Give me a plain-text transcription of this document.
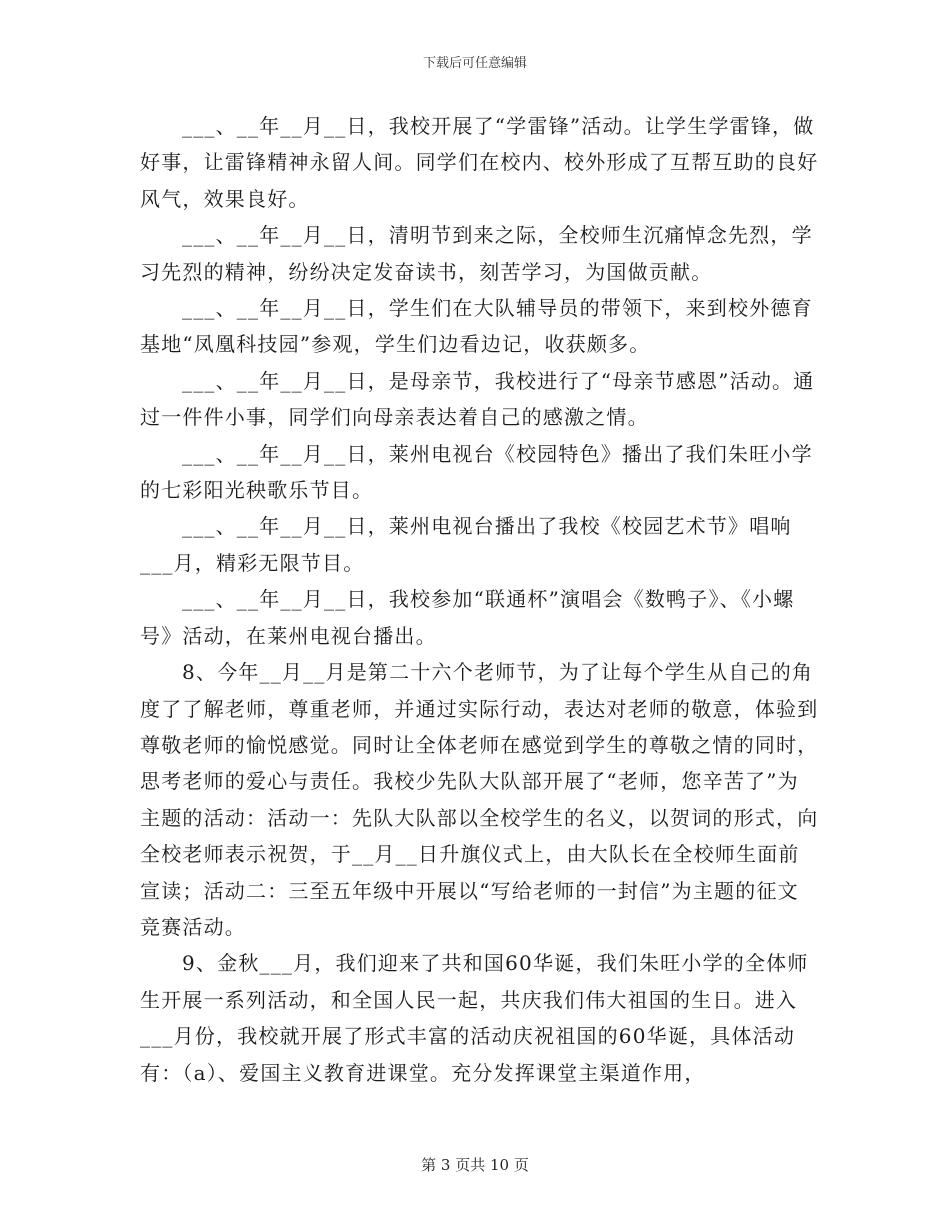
下载后可任意编辑

___、__年__月__日，我校开展了“学雷锋”活动。让学生学雷锋，做好事，让雷锋精神永留人间。同学们在校内、校外形成了互帮互助的良好风气，效果良好。

___、__年__月__日，清明节到来之际，全校师生沉痛悼念先烈，学习先烈的精神，纷纷决定发奋读书，刻苦学习，为国做贡献。

___、__年__月__日，学生们在大队辅导员的带领下，来到校外德育基地“凤凰科技园”参观，学生们边看边记，收获颇多。

___、__年__月__日，是母亲节，我校进行了“母亲节感恩”活动。通过一件件小事，同学们向母亲表达着自己的感激之情。

___、__年__月__日，莱州电视台《校园特色》播出了我们朱旺小学的七彩阳光秧歌乐节目。

___、__年__月__日，莱州电视台播出了我校《校园艺术节》唱响___月，精彩无限节目。

___、__年__月__日，我校参加“联通杯”演唱会《数鸭子》、《小螺号》活动，在莱州电视台播出。

8、今年__月__月是第二十六个老师节，为了让每个学生从自己的角度了了解老师，尊重老师，并通过实际行动，表达对老师的敬意，体验到尊敬老师的愉悦感觉。同时让全体老师在感觉到学生的尊敬之情的同时，思考老师的爱心与责任。我校少先队大队部开展了“老师，您辛苦了”为主题的活动：活动一：先队大队部以全校学生的名义，以贺词的形式，向全校老师表示祝贺，于__月__日升旗仪式上，由大队长在全校师生面前宣读；活动二：三至五年级中开展以“写给老师的一封信”为主题的征文竞赛活动。

9、金秋___月，我们迎来了共和国60华诞，我们朱旺小学的全体师生开展一系列活动，和全国人民一起，共庆我们伟大祖国的生日。进入___月份，我校就开展了形式丰富的活动庆祝祖国的60华诞，具体活动有：（a）、爱国主义教育进课堂。充分发挥课堂主渠道作用，

第 3 页共 10 页
